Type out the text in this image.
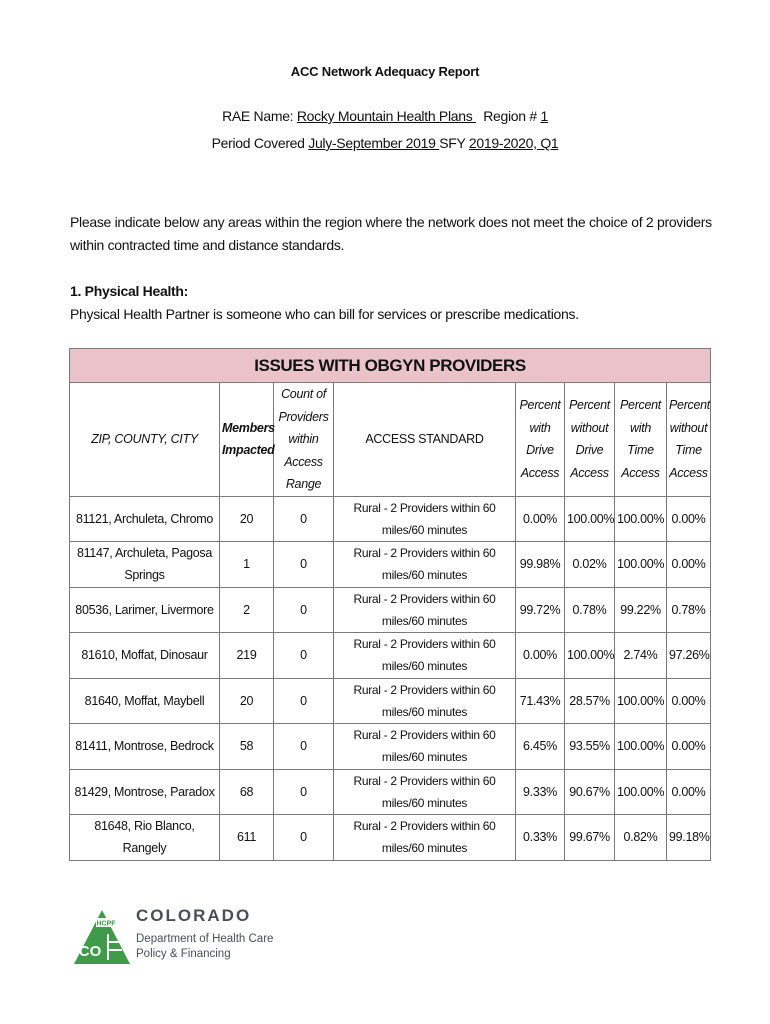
ACC Network Adequacy Report
RAE Name: Rocky Mountain Health Plans   Region # 1
Period Covered July-September 2019 SFY 2019-2020, Q1
Please indicate below any areas within the region where the network does not meet the choice of 2 providers within contracted time and distance standards.
1. Physical Health:
Physical Health Partner is someone who can bill for services or prescribe medications.
ISSUES WITH OBGYN PROVIDERS							
ZIP, COUNTY, CITY	Members Impacted	Count of Providers within Access Range	ACCESS STANDARD	Percent with Drive Access	Percent without Drive Access	Percent with Time Access	Percent without Time Access
81121, Archuleta, Chromo	20	0	Rural - 2 Providers within 60 miles/60 minutes	0.00%	100.00%	100.00%	0.00%
81147, Archuleta, Pagosa Springs	1	0	Rural - 2 Providers within 60 miles/60 minutes	99.98%	0.02%	100.00%	0.00%
80536, Larimer, Livermore	2	0	Rural - 2 Providers within 60 miles/60 minutes	99.72%	0.78%	99.22%	0.78%
81610, Moffat, Dinosaur	219	0	Rural - 2 Providers within 60 miles/60 minutes	0.00%	100.00%	2.74%	97.26%
81640, Moffat, Maybell	20	0	Rural - 2 Providers within 60 miles/60 minutes	71.43%	28.57%	100.00%	0.00%
81411, Montrose, Bedrock	58	0	Rural - 2 Providers within 60 miles/60 minutes	6.45%	93.55%	100.00%	0.00%
81429, Montrose, Paradox	68	0	Rural - 2 Providers within 60 miles/60 minutes	9.33%	90.67%	100.00%	0.00%
81648, Rio Blanco, Rangely	611	0	Rural - 2 Providers within 60 miles/60 minutes	0.33%	99.67%	0.82%	99.18%
HCPF
CO
COLORADO
Department of Health Care
Policy & Financing
